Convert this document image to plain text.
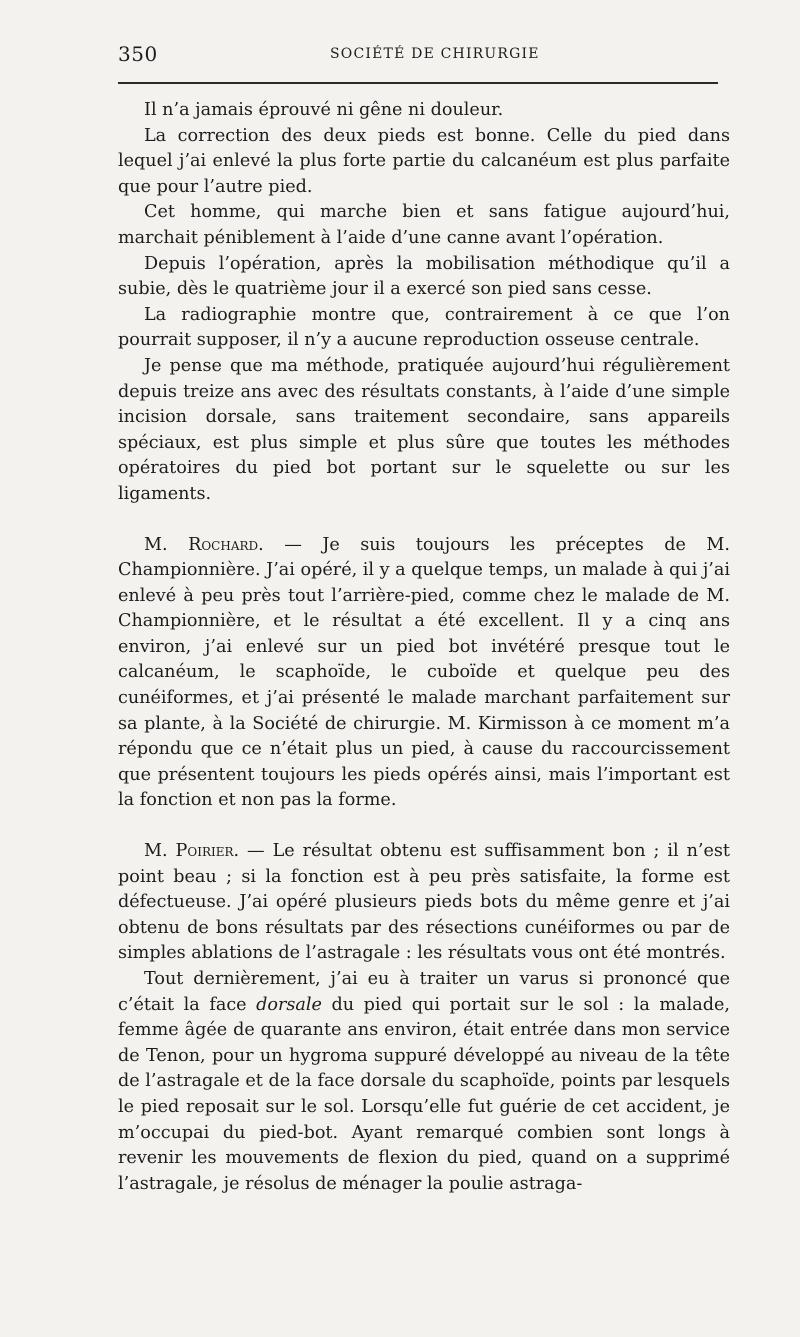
350	SOCIÉTÉ DE CHIRURGIE

Il n’a jamais éprouvé ni gêne ni douleur.

La correction des deux pieds est bonne. Celle du pied dans lequel j’ai enlevé la plus forte partie du calcanéum est plus parfaite que pour l’autre pied.

Cet homme, qui marche bien et sans fatigue aujourd’hui, marchait péniblement à l’aide d’une canne avant l’opération.

Depuis l’opération, après la mobilisation méthodique qu’il a subie, dès le quatrième jour il a exercé son pied sans cesse.

La radiographie montre que, contrairement à ce que l’on pourrait supposer, il n’y a aucune reproduction osseuse centrale.

Je pense que ma méthode, pratiquée aujourd’hui régulièrement depuis treize ans avec des résultats constants, à l’aide d’une simple incision dorsale, sans traitement secondaire, sans appareils spéciaux, est plus simple et plus sûre que toutes les méthodes opératoires du pied bot portant sur le squelette ou sur les ligaments.

M. Rochard. — Je suis toujours les préceptes de M. Championnière. J’ai opéré, il y a quelque temps, un malade à qui j’ai enlevé à peu près tout l’arrière-pied, comme chez le malade de M. Championnière, et le résultat a été excellent. Il y a cinq ans environ, j’ai enlevé sur un pied bot invétéré presque tout le calcanéum, le scaphoïde, le cuboïde et quelque peu des cunéiformes, et j’ai présenté le malade marchant parfaitement sur sa plante, à la Société de chirurgie. M. Kirmisson à ce moment m’a répondu que ce n’était plus un pied, à cause du raccourcissement que présentent toujours les pieds opérés ainsi, mais l’important est la fonction et non pas la forme.

M. Poirier. — Le résultat obtenu est suffisamment bon ; il n’est point beau ; si la fonction est à peu près satisfaite, la forme est défectueuse. J’ai opéré plusieurs pieds bots du même genre et j’ai obtenu de bons résultats par des résections cunéiformes ou par de simples ablations de l’astragale : les résultats vous ont été montrés.

Tout dernièrement, j’ai eu à traiter un varus si prononcé que c’était la face dorsale du pied qui portait sur le sol : la malade, femme âgée de quarante ans environ, était entrée dans mon service de Tenon, pour un hygroma suppuré développé au niveau de la tête de l’astragale et de la face dorsale du scaphoïde, points par lesquels le pied reposait sur le sol. Lorsqu’elle fut guérie de cet accident, je m’occupai du pied-bot. Ayant remarqué combien sont longs à revenir les mouvements de flexion du pied, quand on a supprimé l’astragale, je résolus de ménager la poulie astraga-
